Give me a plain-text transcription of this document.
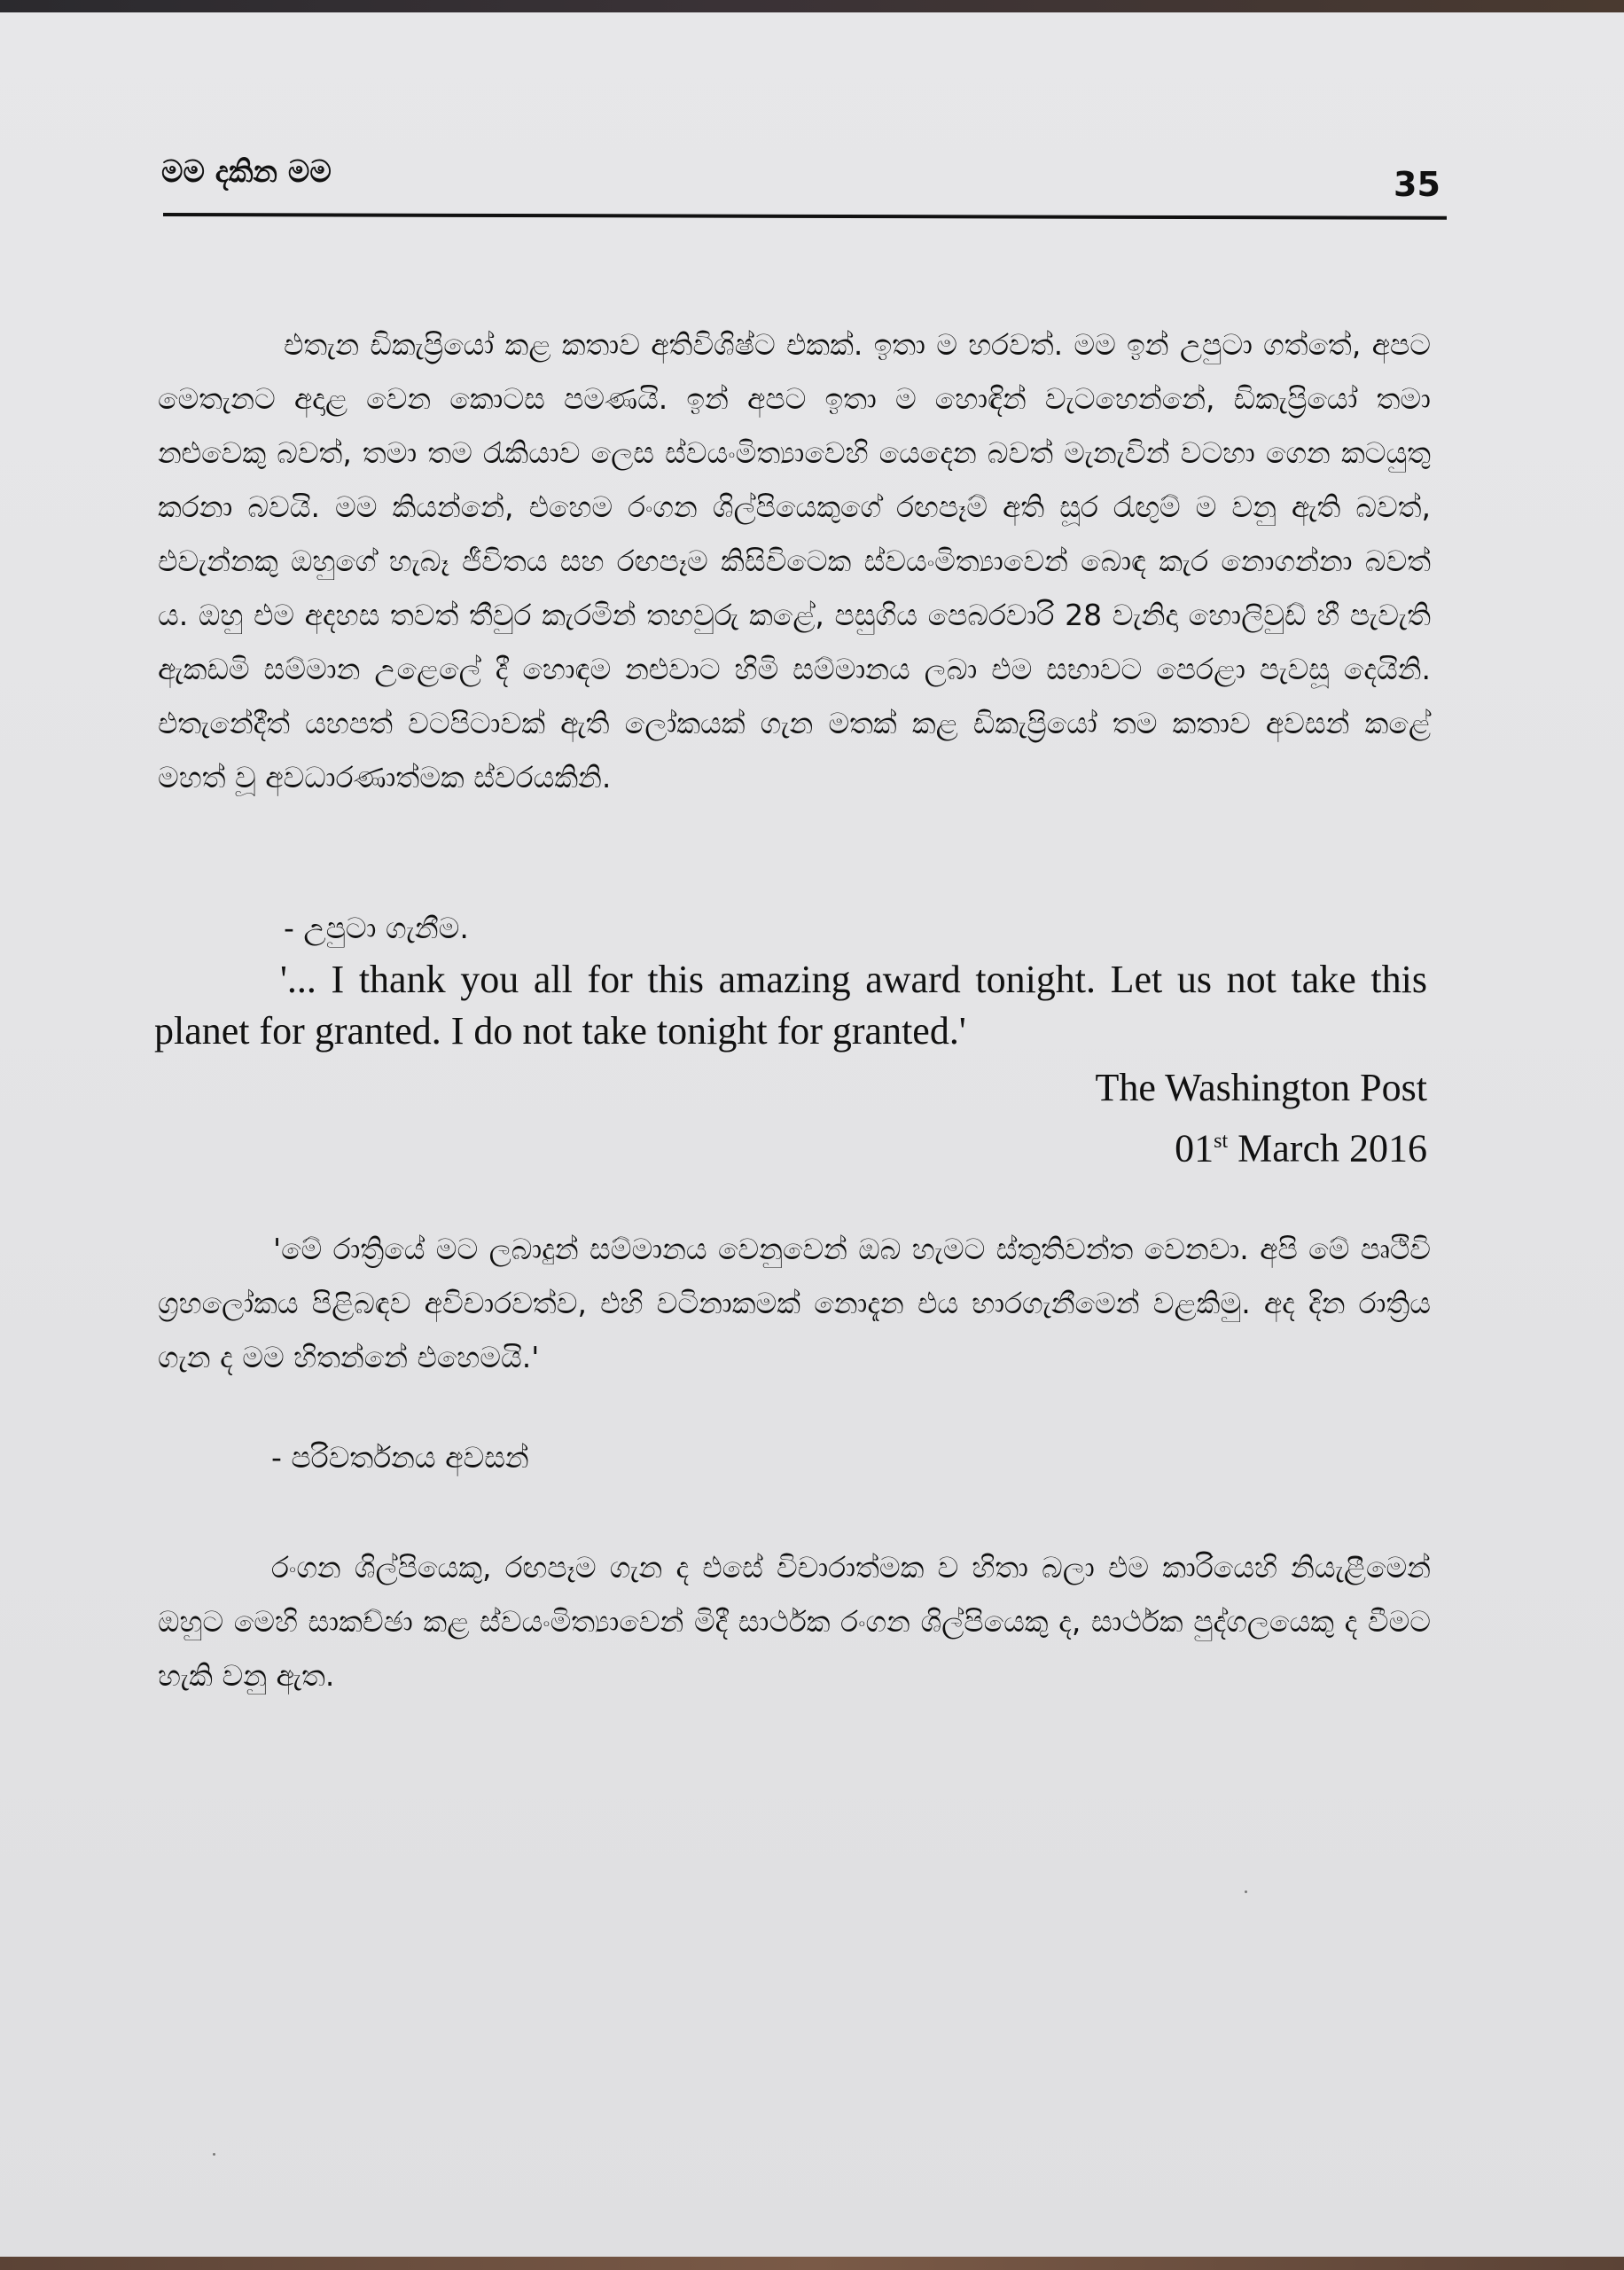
මම දකින මම	35

එතැන ඩිකැප්‍රියෝ කළ කතාව අතිවිශිෂ්ට එකක්. ඉතා ම හරවත්. මම ඉන් උපුටා ගත්තේ, අපට මෙතැනට අදාළ වෙන කොටස පමණයි. ඉන් අපට ඉතා ම හොඳින් වැටහෙන්නේ, ඩිකැප්‍රියෝ තමා නළුවෙකු බවත්, තමා තම රැකියාව ලෙස ස්වයංමිත්‍යාවෙහි යෙදෙන බවත් මැනැවින් වටහා ගෙන කටයුතු කරනා බවයි. මම කියන්නේ, එහෙම රංගන ශිල්පියෙකුගේ රඟපෑම් අති සූර රැඟුම් ම වනු ඇති බවත්, එවැන්නකු ඔහුගේ හැබෑ ජීවිතය සහ රඟපෑම කිසිවිටෙක ස්වයංමිත්‍යාවෙන් බොඳ කැර නොගන්නා බවත් ය. ඔහු එම අදහස තවත් තීවුර කැරමින් තහවුරු කළේ, පසුගිය පෙබරවාරි 28 වැනිදා හොලිවුඩ් හී පැවැති ඇකඩමි සම්මාන උළෙලේ දී හොඳම නළුවාට හිමි සම්මානය ලබා එම සභාවට පෙරළා පැවසූ දෙයිනි. එතැනේදීත් යහපත් වටපිටාවක් ඇති ලෝකයක් ගැන මතක් කළ ඩිකැප්‍රියෝ තම කතාව අවසන් කළේ මහත් වූ අවධාරණාත්මක ස්වරයකිනි.

- උපුටා ගැනීම.

'... I thank you all for this amazing award tonight. Let us not take this planet for granted. I do not take tonight for granted.'

The Washington Post

01st March 2016

'මේ රාත්‍රියේ මට ලබාදුන් සම්මානය වෙනුවෙන් ඔබ හැමට ස්තුතිවන්ත වෙනවා. අපි මේ පෘථිවි ග්‍රහලෝකය පිළිබඳව අවිචාරවත්ව, එහි වටිනාකමක් නොදැන එය භාරගැනීමෙන් වළකිමු. අද දින රාත්‍රිය ගැන ද මම හිතන්නේ එහෙමයි.'

- පරිවර්තනය අවසන්

රංගන ශිල්පියෙකු, රඟපෑම ගැන ද එසේ විචාරාත්මක ව හිතා බලා එම කාරියෙහි නියැළීමෙන් ඔහුට මෙහි සාකච්ඡා කළ ස්වයංමිත්‍යාවෙන් මිදී සාර්ථක රංගන ශිල්පියෙකු ද, සාර්ථක පුද්ගලයෙකු ද වීමට හැකි වනු ඇත.
